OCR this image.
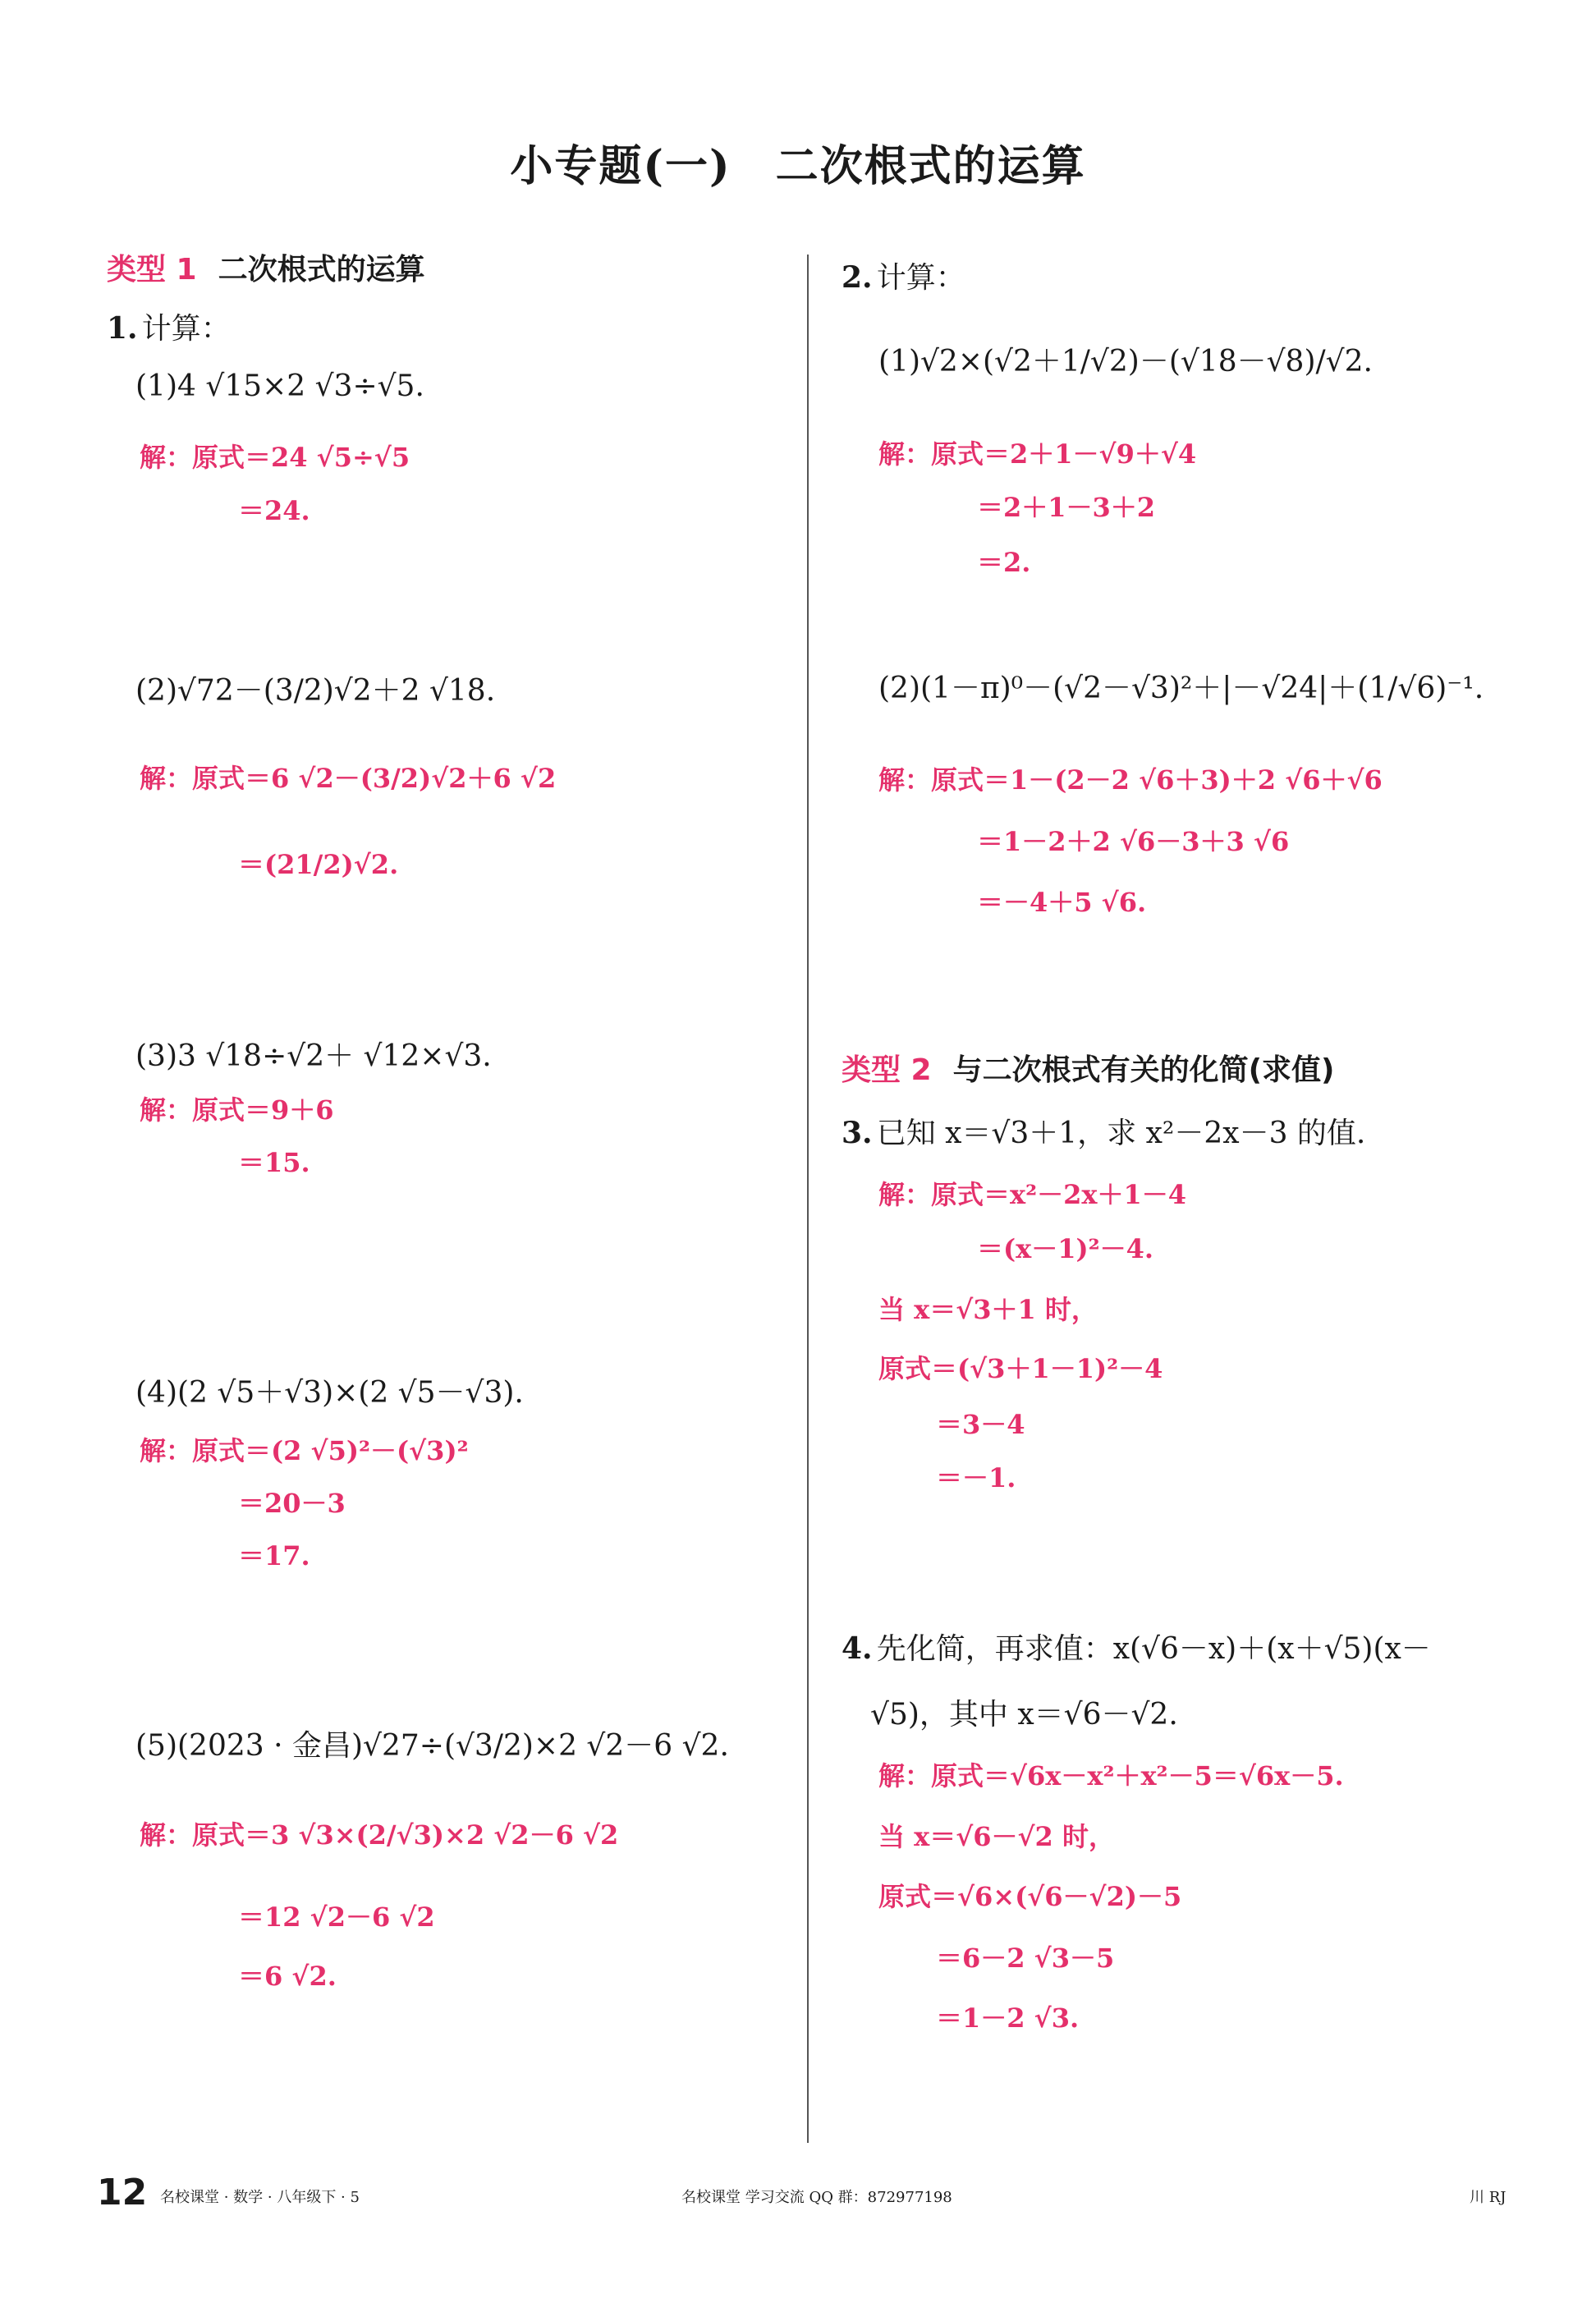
小专题(一)　二次根式的运算
类型 1 二次根式的运算
1. 计算：
(1)4 √15×2 √3÷√5.
解：原式＝24 √5÷√5
＝24.
(2)√72－(3/2)√2＋2 √18.
解：原式＝6 √2－(3/2)√2＋6 √2
＝(21/2)√2.
(3)3 √18÷√2＋ √12×√3.
解：原式＝9＋6
＝15.
(4)(2 √5＋√3)×(2 √5－√3).
解：原式＝(2 √5)²－(√3)²
＝20－3
＝17.
(5)(2023 · 金昌)√27÷(√3/2)×2 √2－6 √2.
解：原式＝3 √3×(2/√3)×2 √2－6 √2
＝12 √2－6 √2
＝6 √2.
2. 计算：
(1)√2×(√2＋1/√2)－(√18－√8)/√2.
解：原式＝2＋1－√9＋√4
＝2＋1－3＋2
＝2.
(2)(1－π)⁰－(√2－√3)²＋|－√24|＋(1/√6)⁻¹.
解：原式＝1－(2－2 √6＋3)＋2 √6＋√6
＝1－2＋2 √6－3＋3 √6
＝－4＋5 √6.
类型 2 与二次根式有关的化简(求值)
3. 已知 x＝√3＋1，求 x²－2x－3 的值.
解：原式＝x²－2x＋1－4
＝(x－1)²－4.
当 x＝√3＋1 时，
原式＝(√3＋1－1)²－4
＝3－4
＝－1.
4. 先化简，再求值：x(√6－x)＋(x＋√5)(x－
√5)，其中 x＝√6－√2.
解：原式＝√6x－x²＋x²－5＝√6x－5.
当 x＝√6－√2 时，
原式＝√6×(√6－√2)－5
＝6－2 √3－5
＝1－2 √3.
12 名校课堂 · 数学 · 八年级下 · 5	名校课堂 学习交流 QQ 群：872977198	川 RJ
